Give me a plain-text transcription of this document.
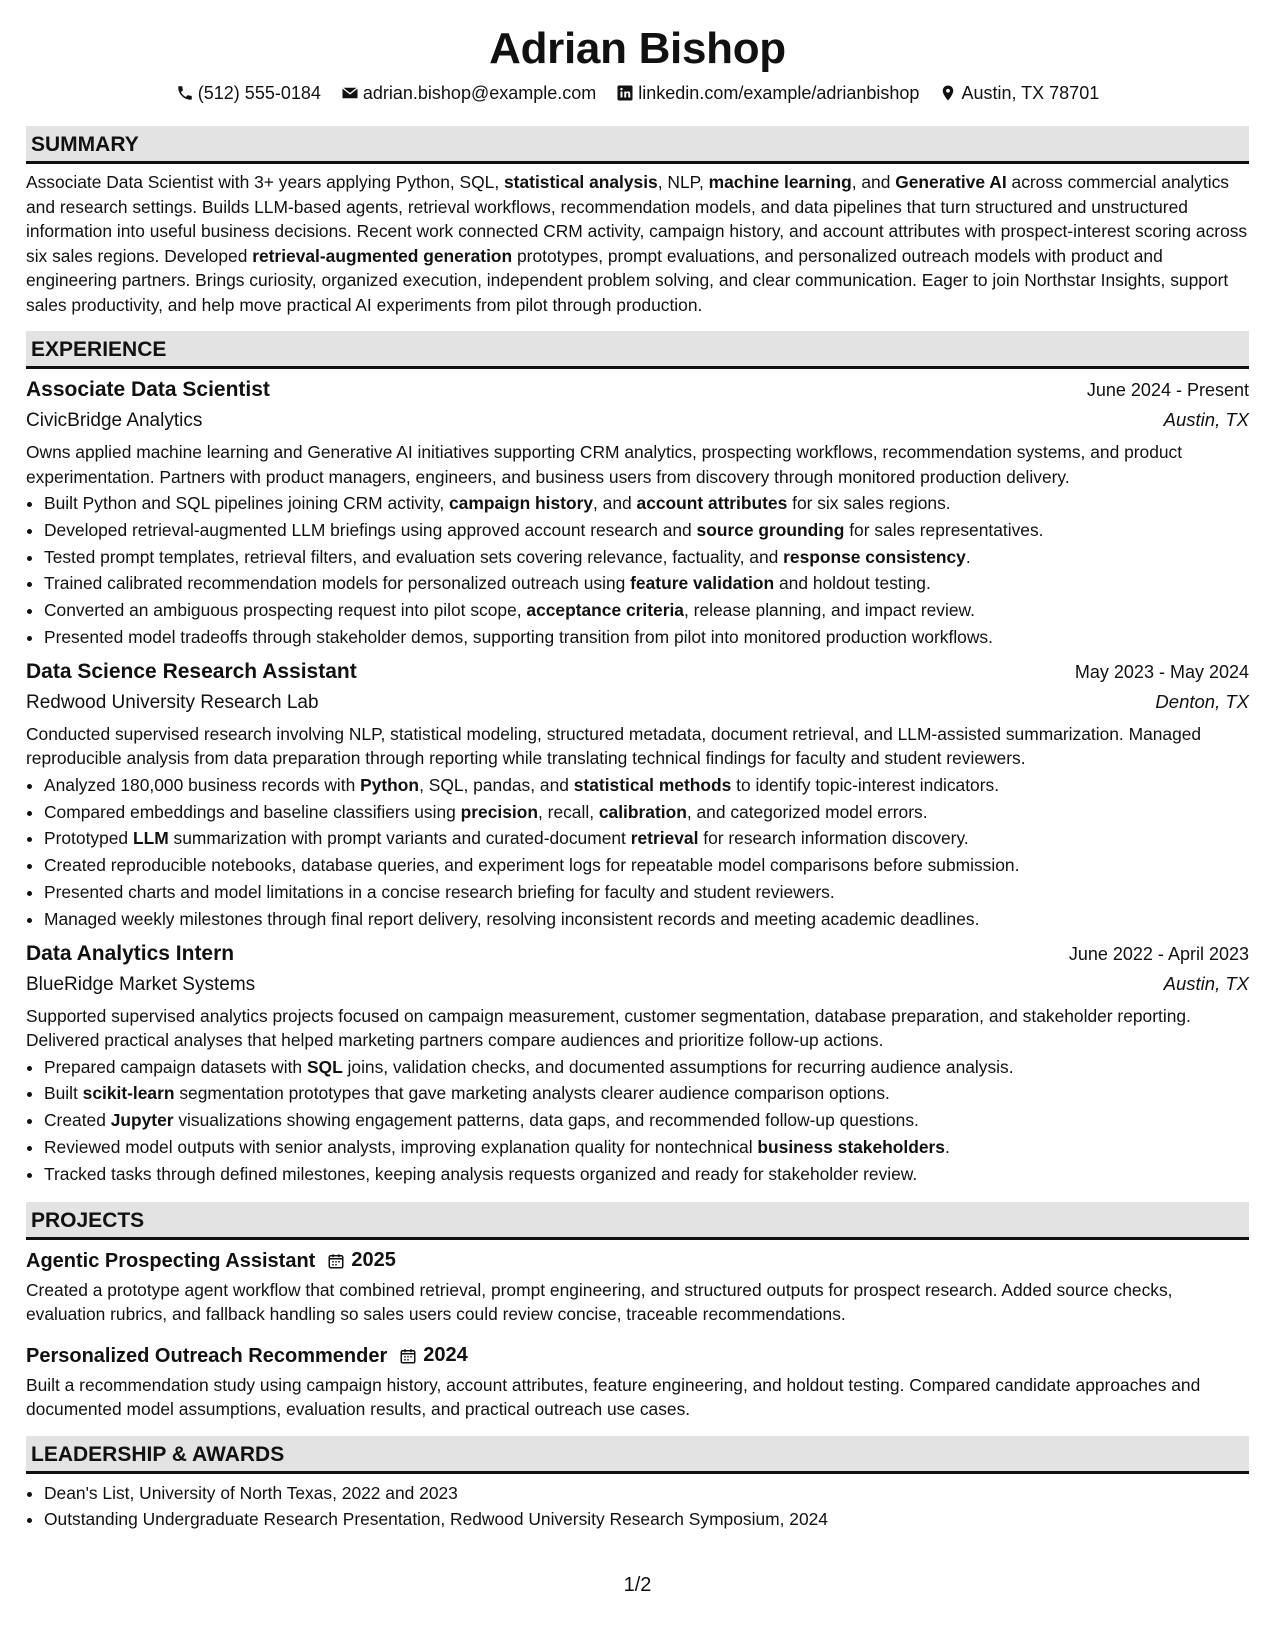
Adrian Bishop
(512) 555-0184 adrian.bishop@example.com linkedin.com/example/adrianbishop Austin, TX 78701
SUMMARY

Associate Data Scientist with 3+ years applying Python, SQL, statistical analysis, NLP, machine learning, and Generative AI across commercial analytics and research settings. Builds LLM-based agents, retrieval workflows, recommendation models, and data pipelines that turn structured and unstructured information into useful business decisions. Recent work connected CRM activity, campaign history, and account attributes with prospect-interest scoring across six sales regions. Developed retrieval-augmented generation prototypes, prompt evaluations, and personalized outreach models with product and engineering partners. Brings curiosity, organized execution, independent problem solving, and clear communication. Eager to join Northstar Insights, support sales productivity, and help move practical AI experiments from pilot through production.

EXPERIENCE
Associate Data Scientist	June 2024 - Present
CivicBridge Analytics	Austin, TX

Owns applied machine learning and Generative AI initiatives supporting CRM analytics, prospecting workflows, recommendation systems, and product experimentation. Partners with product managers, engineers, and business users from discovery through monitored production delivery.

• Built Python and SQL pipelines joining CRM activity, campaign history, and account attributes for six sales regions.
• Developed retrieval-augmented LLM briefings using approved account research and source grounding for sales representatives.
• Tested prompt templates, retrieval filters, and evaluation sets covering relevance, factuality, and response consistency.
• Trained calibrated recommendation models for personalized outreach using feature validation and holdout testing.
• Converted an ambiguous prospecting request into pilot scope, acceptance criteria, release planning, and impact review.
• Presented model tradeoffs through stakeholder demos, supporting transition from pilot into monitored production workflows.
Data Science Research Assistant	May 2023 - May 2024
Redwood University Research Lab	Denton, TX

Conducted supervised research involving NLP, statistical modeling, structured metadata, document retrieval, and LLM-assisted summarization. Managed reproducible analysis from data preparation through reporting while translating technical findings for faculty and student reviewers.

• Analyzed 180,000 business records with Python, SQL, pandas, and statistical methods to identify topic-interest indicators.
• Compared embeddings and baseline classifiers using precision, recall, calibration, and categorized model errors.
• Prototyped LLM summarization with prompt variants and curated-document retrieval for research information discovery.
• Created reproducible notebooks, database queries, and experiment logs for repeatable model comparisons before submission.
• Presented charts and model limitations in a concise research briefing for faculty and student reviewers.
• Managed weekly milestones through final report delivery, resolving inconsistent records and meeting academic deadlines.
Data Analytics Intern	June 2022 - April 2023
BlueRidge Market Systems	Austin, TX

Supported supervised analytics projects focused on campaign measurement, customer segmentation, database preparation, and stakeholder reporting. Delivered practical analyses that helped marketing partners compare audiences and prioritize follow-up actions.

• Prepared campaign datasets with SQL joins, validation checks, and documented assumptions for recurring audience analysis.
• Built scikit-learn segmentation prototypes that gave marketing analysts clearer audience comparison options.
• Created Jupyter visualizations showing engagement patterns, data gaps, and recommended follow-up questions.
• Reviewed model outputs with senior analysts, improving explanation quality for nontechnical business stakeholders.
• Tracked tasks through defined milestones, keeping analysis requests organized and ready for stakeholder review.
PROJECTS
Agentic Prospecting Assistant 2025

Created a prototype agent workflow that combined retrieval, prompt engineering, and structured outputs for prospect research. Added source checks, evaluation rubrics, and fallback handling so sales users could review concise, traceable recommendations.

Personalized Outreach Recommender 2024

Built a recommendation study using campaign history, account attributes, feature engineering, and holdout testing. Compared candidate approaches and documented model assumptions, evaluation results, and practical outreach use cases.

LEADERSHIP & AWARDS
• Dean's List, University of North Texas, 2022 and 2023
• Outstanding Undergraduate Research Presentation, Redwood University Research Symposium, 2024
1/2
